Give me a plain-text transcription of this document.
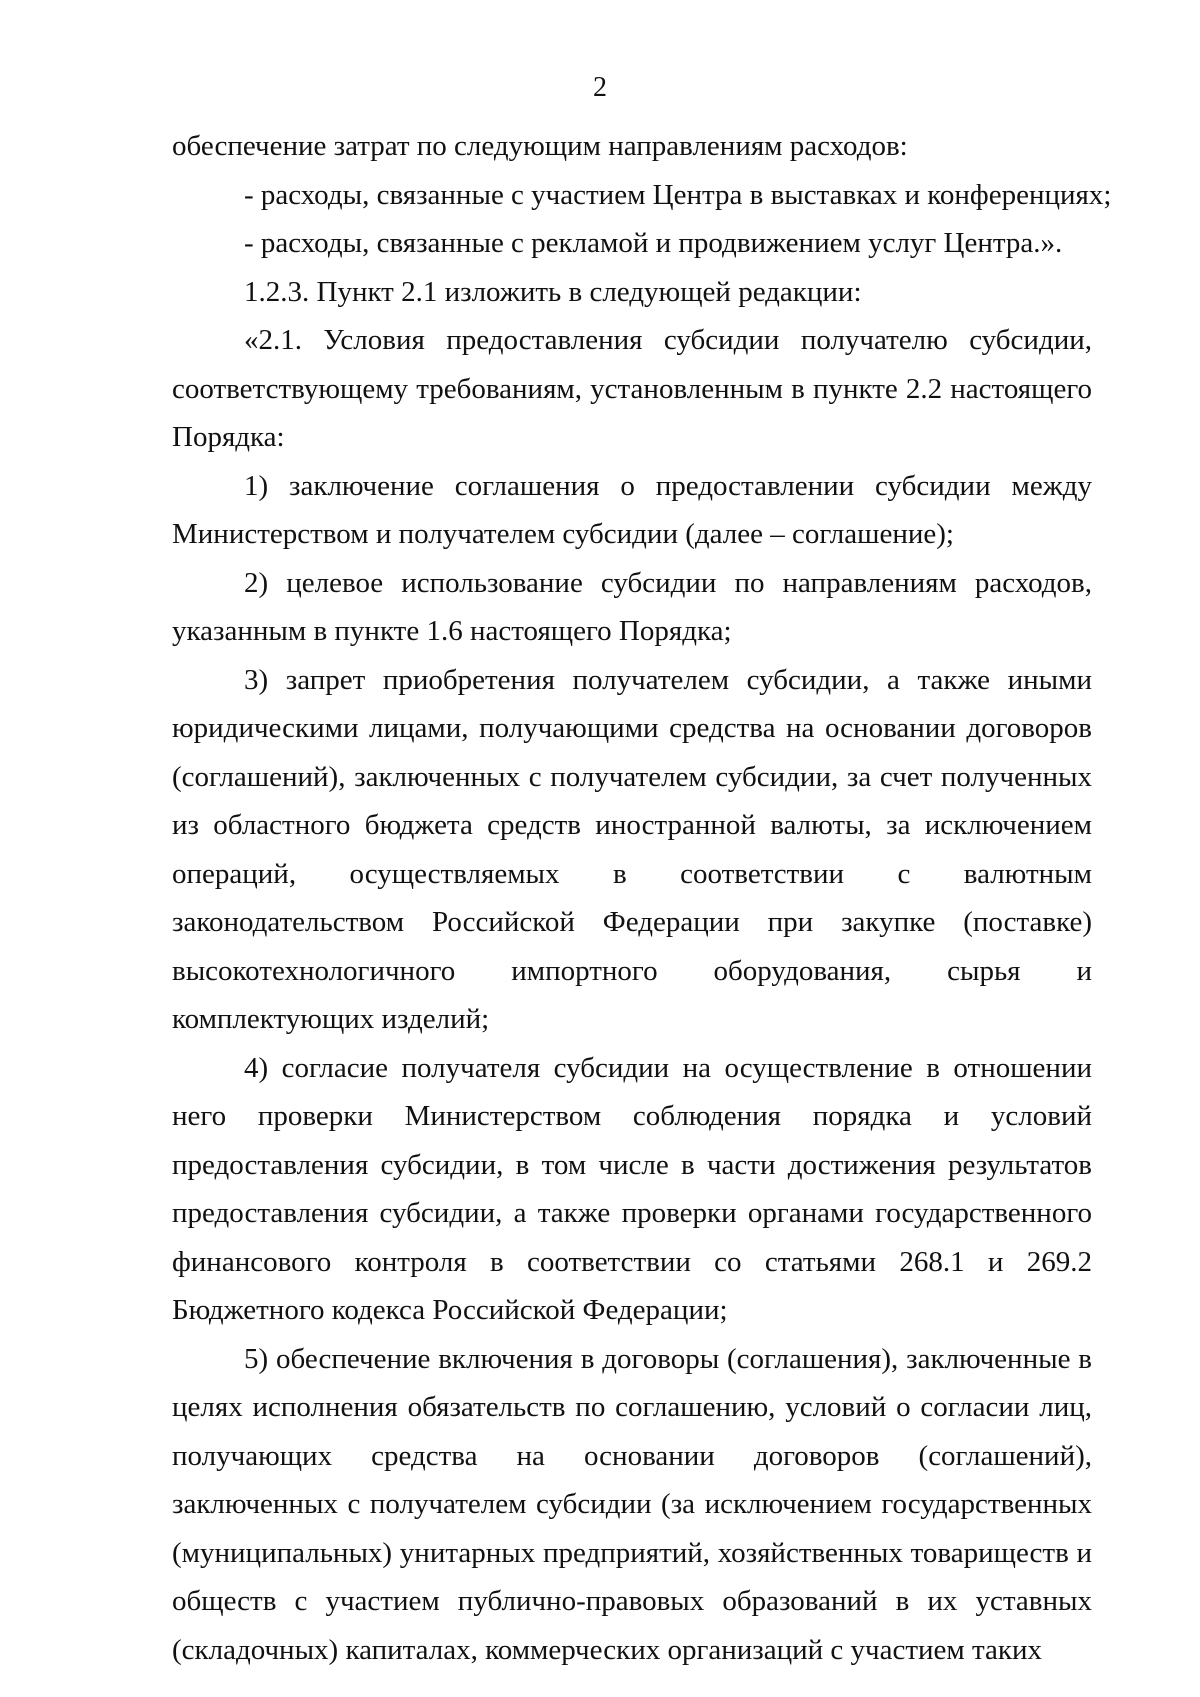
2

обеспечение затрат по следующим направлениям расходов:

- расходы, связанные с участием Центра в выставках и конференциях;

- расходы, связанные с рекламой и продвижением услуг Центра.».

1.2.3. Пункт 2.1 изложить в следующей редакции:

«2.1. Условия предоставления субсидии получателю субсидии, соответствующему требованиям, установленным в пункте 2.2 настоящего Порядка:

1) заключение соглашения о предоставлении субсидии между Министерством и получателем субсидии (далее – соглашение);

2) целевое использование субсидии по направлениям расходов, указанным в пункте 1.6 настоящего Порядка;

3) запрет приобретения получателем субсидии, а также иными юридическими лицами, получающими средства на основании договоров (соглашений), заключенных с получателем субсидии, за счет полученных из областного бюджета средств иностранной валюты, за исключением операций, осуществляемых в соответствии с валютным законодательством Российской Федерации при закупке (поставке) высокотехнологичного импортного оборудования, сырья и комплектующих изделий;

4) согласие получателя субсидии на осуществление в отношении него проверки Министерством соблюдения порядка и условий предоставления субсидии, в том числе в части достижения результатов предоставления субсидии, а также проверки органами государственного финансового контроля в соответствии со статьями 268.1 и 269.2 Бюджетного кодекса Российской Федерации;

5) обеспечение включения в договоры (соглашения), заключенные в целях исполнения обязательств по соглашению, условий о согласии лиц, получающих средства на основании договоров (соглашений), заключенных с получателем субсидии (за исключением государственных (муниципальных) унитарных предприятий, хозяйственных товариществ и обществ с участием публично-правовых образований в их уставных (складочных) капиталах, коммерческих организаций с участием таких
